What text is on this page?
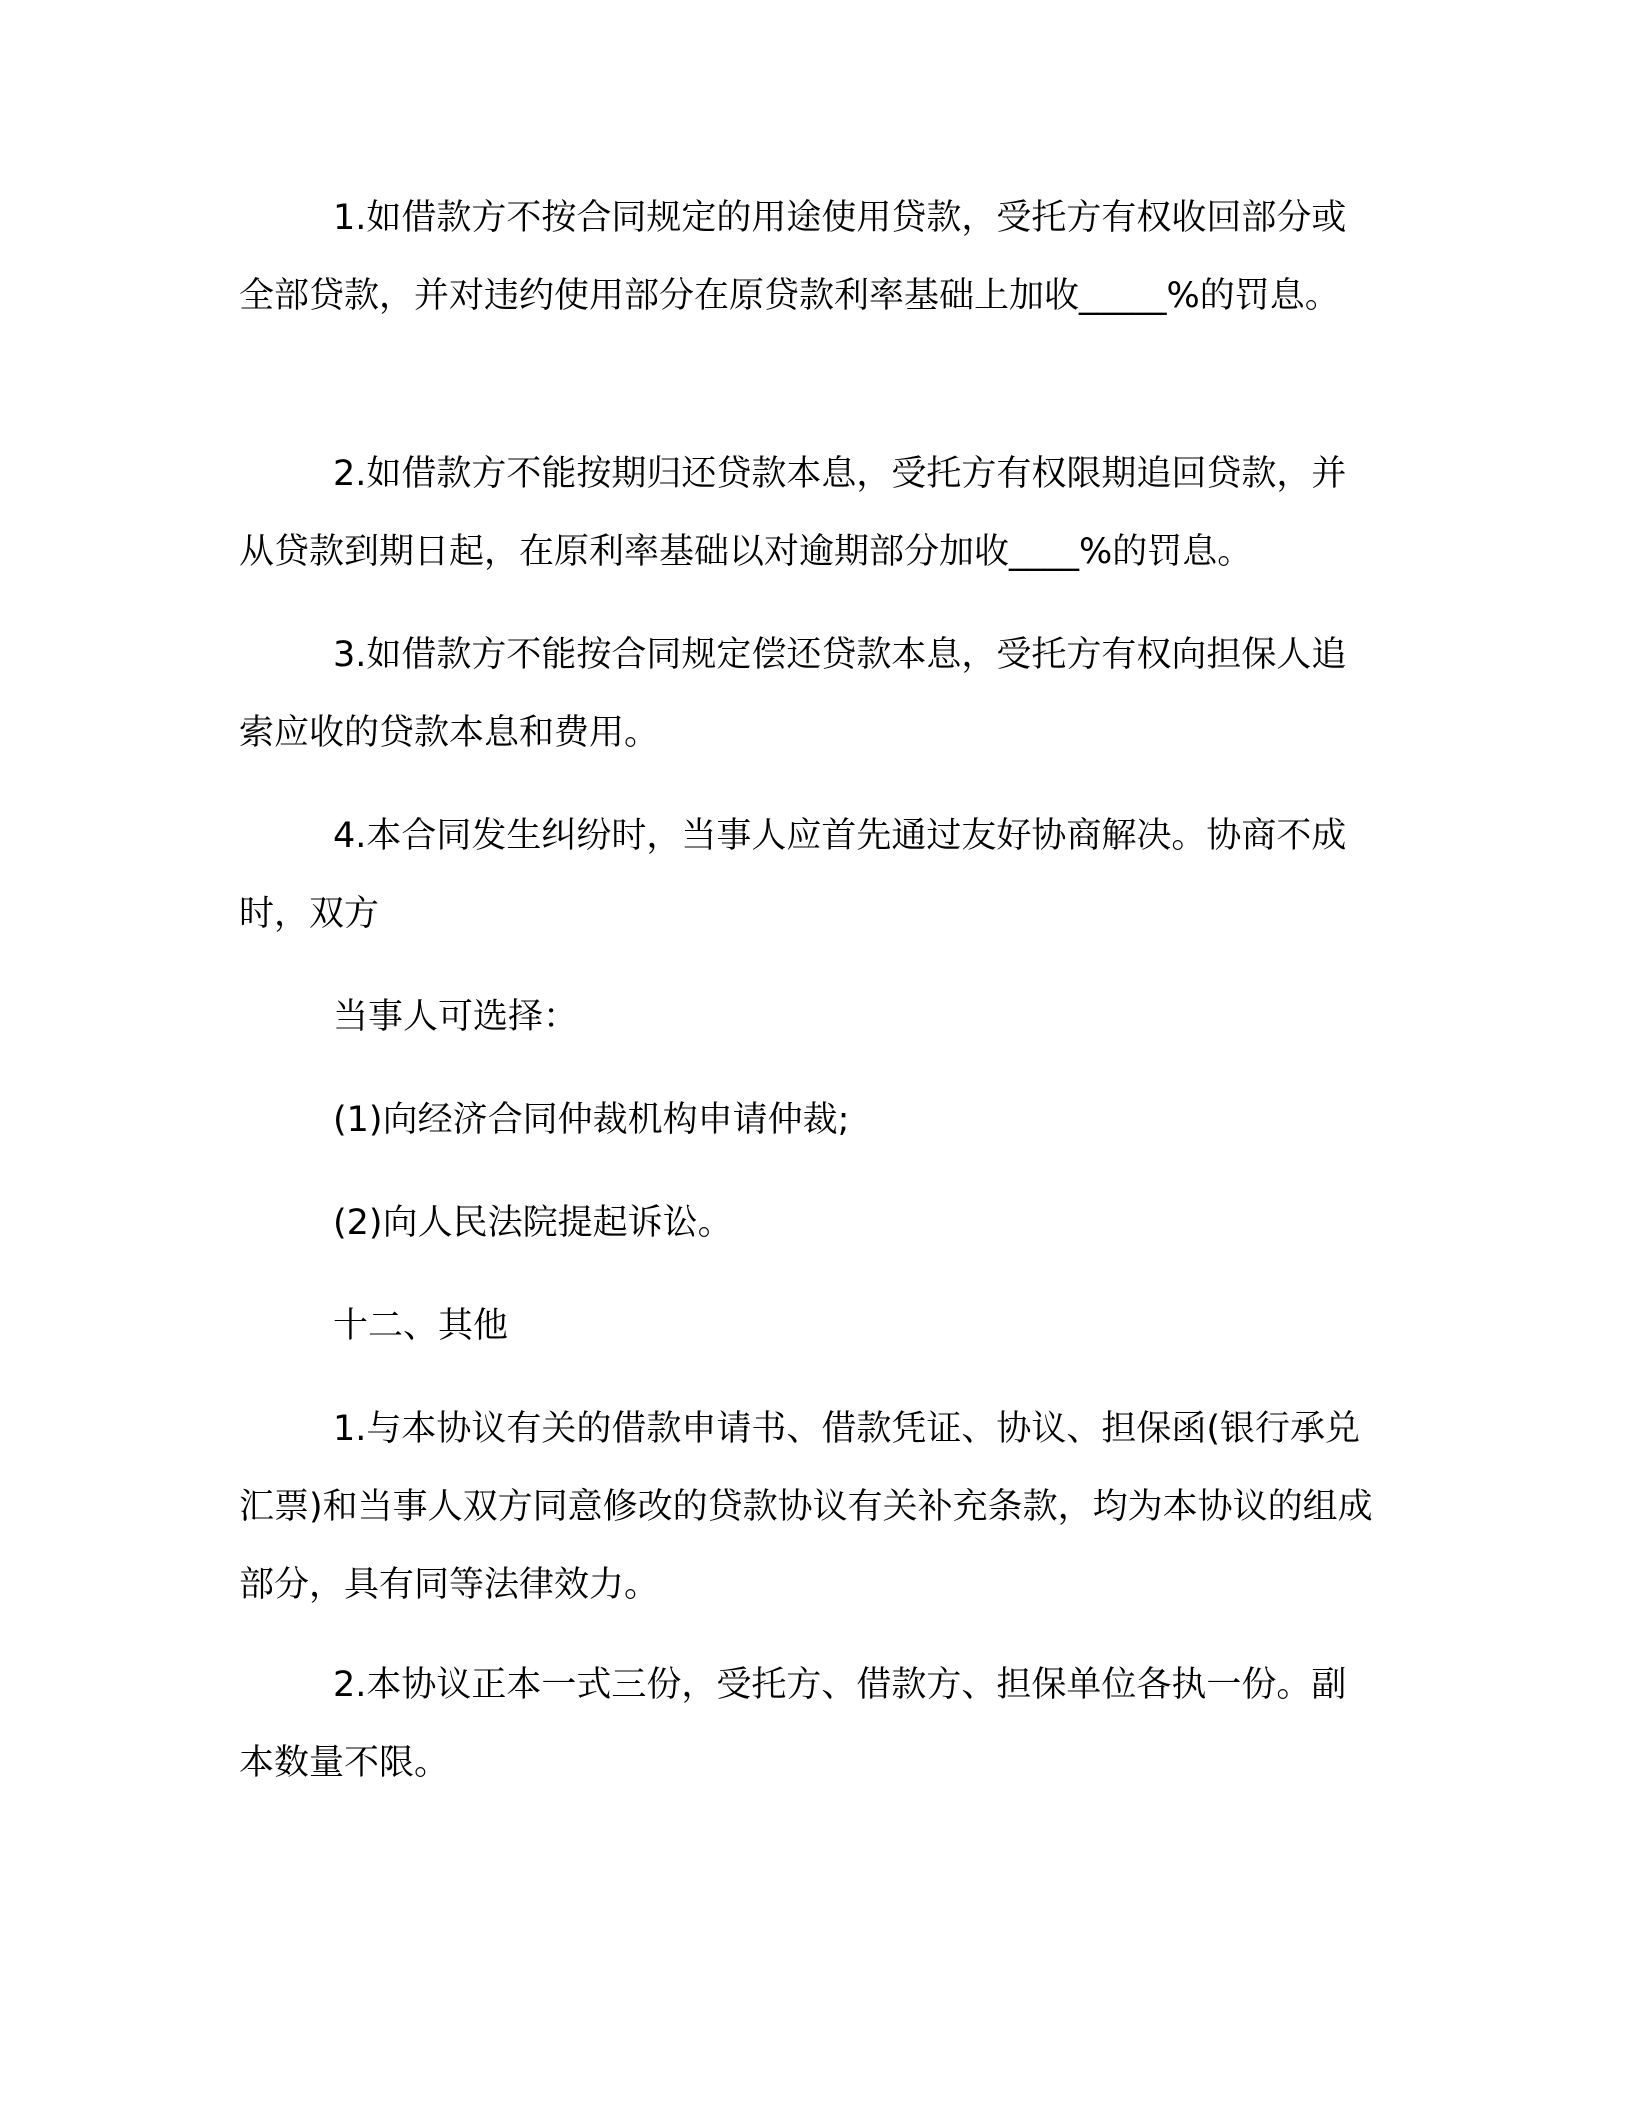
1.如借款方不按合同规定的用途使用贷款，受托方有权收回部分或全部贷款，并对违约使用部分在原贷款利率基础上加收_____%的罚息。

2.如借款方不能按期归还贷款本息，受托方有权限期追回贷款，并从贷款到期日起，在原利率基础以对逾期部分加收____%的罚息。

3.如借款方不能按合同规定偿还贷款本息，受托方有权向担保人追索应收的贷款本息和费用。

4.本合同发生纠纷时，当事人应首先通过友好协商解决。协商不成时，双方

当事人可选择：

(1)向经济合同仲裁机构申请仲裁;

(2)向人民法院提起诉讼。

十二、其他

1.与本协议有关的借款申请书、借款凭证、协议、担保函(银行承兑汇票)和当事人双方同意修改的贷款协议有关补充条款，均为本协议的组成部分，具有同等法律效力。

2.本协议正本一式三份，受托方、借款方、担保单位各执一份。副本数量不限。
